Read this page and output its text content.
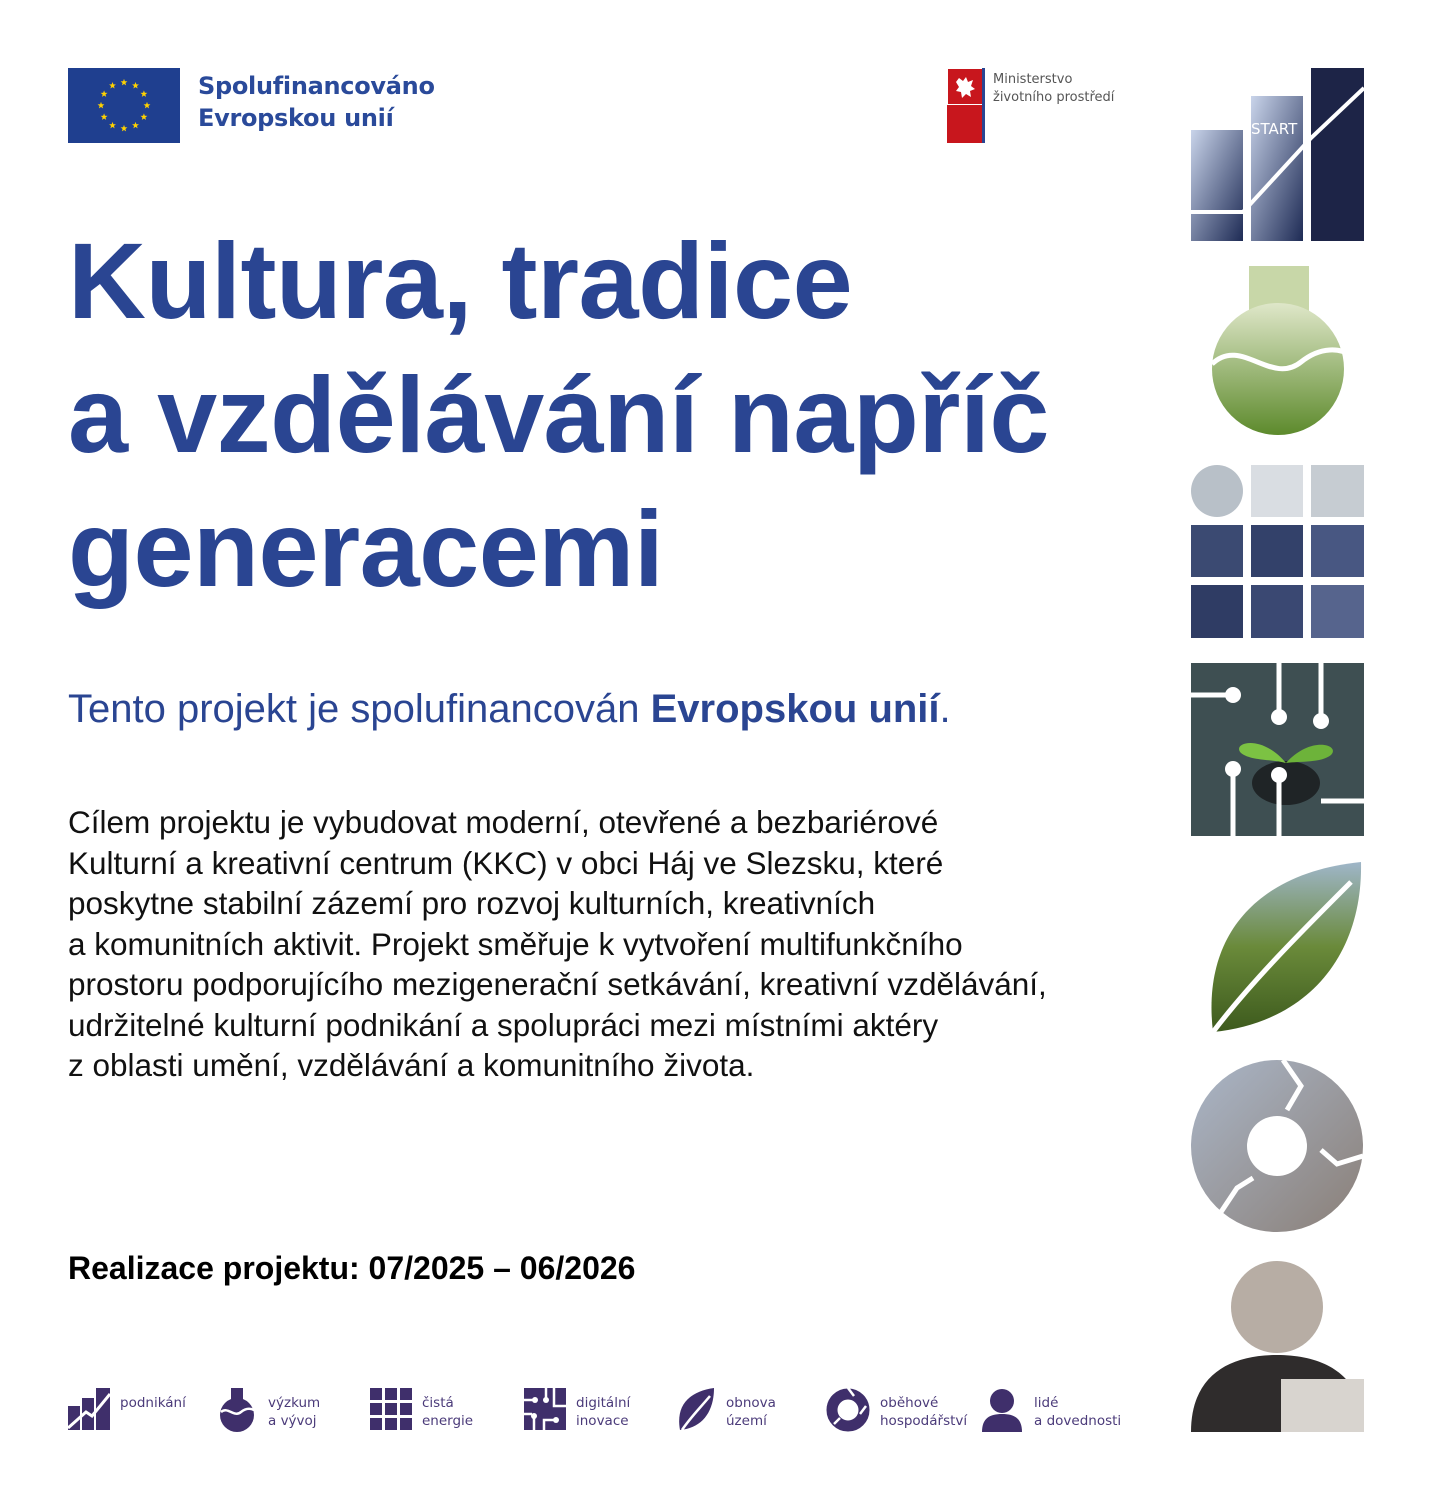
Spolufinancováno
Evropskou unií
Ministerstvo
životního prostředí
Kultura, tradice
a vzdělávání napříč
generacemi
Tento projekt je spolufinancován Evropskou unií.
Cílem projektu je vybudovat moderní, otevřené a bezbariérové
Kulturní a kreativní centrum (KKC) v obci Háj ve Slezsku, které
poskytne stabilní zázemí pro rozvoj kulturních, kreativních
a komunitních aktivit. Projekt směřuje k vytvoření multifunkčního
prostoru podporujícího mezigenerační setkávání, kreativní vzdělávání,
udržitelné kulturní podnikání a spolupráci mezi místními aktéry
z oblasti umění, vzdělávání a komunitního života.
Realizace projektu: 07/2025 – 06/2026
podnikání	výzkum
a vývoj
čistá
energie
digitální
inovace
obnova
území
oběhové
hospodářství
lidé
a dovednosti
START
